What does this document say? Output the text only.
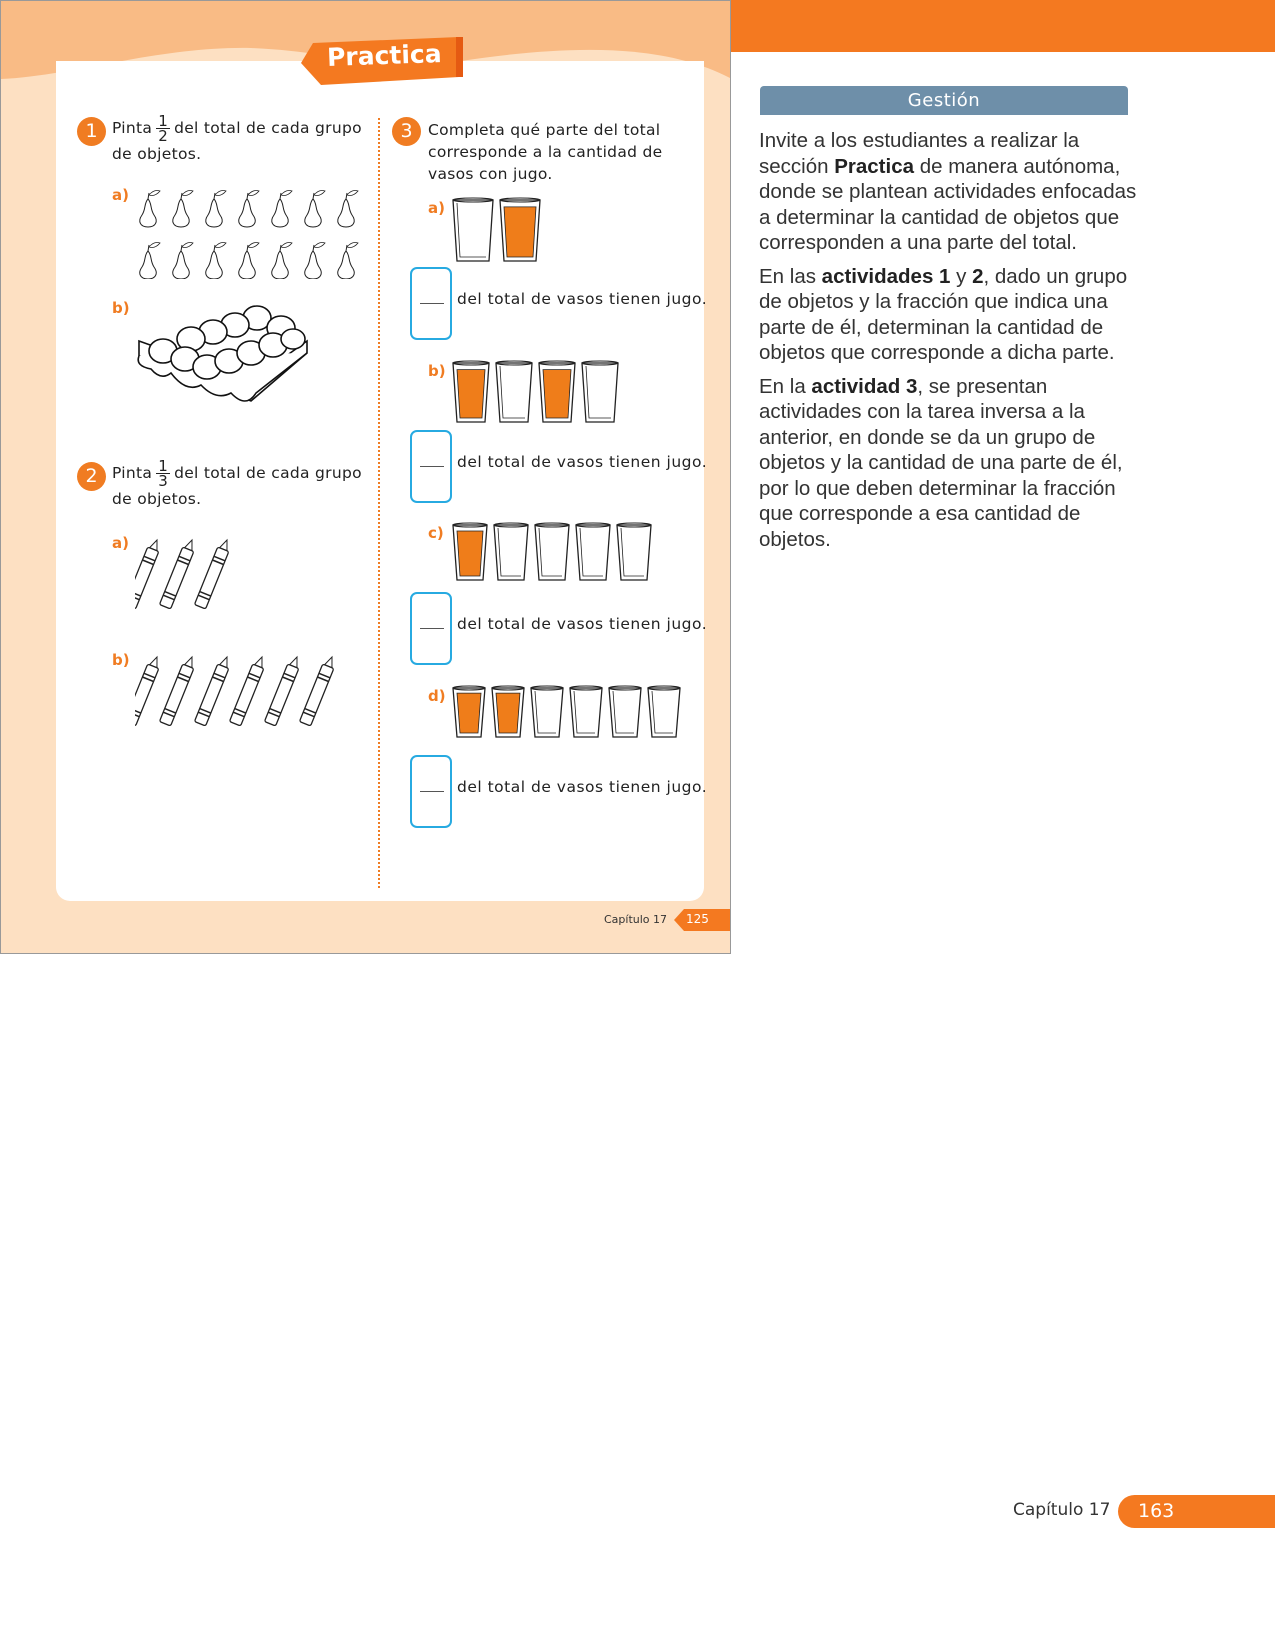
Practica
1 Pinta $\frac{1}{2}$ del total de cada grupo
de objetos.
a)
b)
2 Pinta $\frac{1}{3}$ del total de cada grupo
de objetos.
a)
b)
3 Completa qué parte del total
corresponde a la cantidad de
vasos con jugo.
a)
del total de vasos tienen jugo.
b)
del total de vasos tienen jugo.
c)
del total de vasos tienen jugo.
d)
del total de vasos tienen jugo.
Capítulo 17 125
Gestión

Invite a los estudiantes a realizar la sección Practica de manera autónoma, donde se plantean actividades enfocadas a determinar la cantidad de objetos que corresponden a una parte del total.

En las actividades 1 y 2, dado un grupo de objetos y la fracción que indica una parte de él, determinan la cantidad de objetos que corresponde a dicha parte.

En la actividad 3, se presentan actividades con la tarea inversa a la anterior, en donde se da un grupo de objetos y la cantidad de una parte de él, por lo que deben determinar la fracción que corresponde a esa cantidad de objetos.

Capítulo 17	163
